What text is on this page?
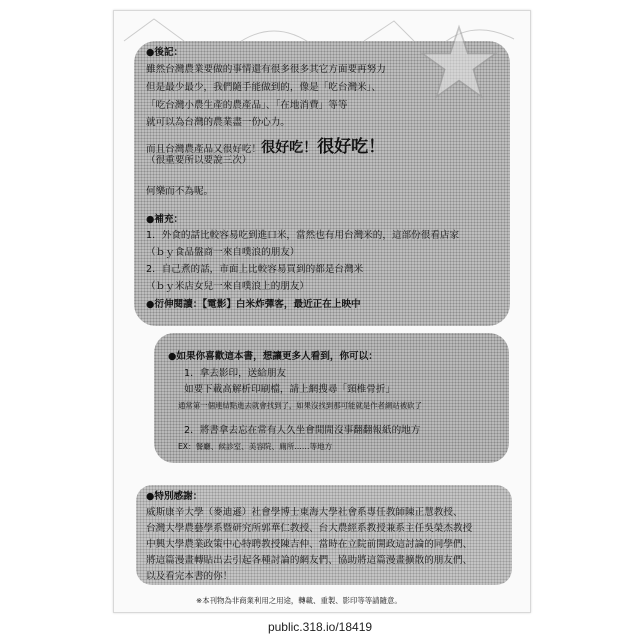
●後記：
雖然台灣農業要做的事情還有很多很多其它方面要再努力
但是最少最少，我們隨手能做到的，像是「吃台灣米」、
「吃台灣小農生產的農產品」、「在地消費」等等
就可以為台灣的農業盡一份心力。
而且台灣農產品又很好吃！很好吃！很好吃！
（很重要所以要說三次）
何樂而不為呢。
●補充：
1．外食的話比較容易吃到進口米，當然也有用台灣米的，這部份很看店家
（ｂｙ食品盤商一來自噗浪的朋友）
2．自己煮的話，市面上比較容易買到的都是台灣米
（ｂｙ米店女兒一來自噗浪上的朋友）
●衍伸閱讀：【電影】白米炸彈客，最近正在上映中
●如果你喜歡這本書，想讓更多人看到，你可以：
1．拿去影印，送給朋友
如要下載高解析印刷檔，請上網搜尋「頸椎骨折」
通常第一個連結點進去就會找到了，如果沒找到那可能就是作者網站被砍了
2．將書拿去忘在常有人久坐會閒閒沒事翻翻報紙的地方
EX：餐廳、候診室、美容院、廁所……等地方
●特別感謝：
威斯康辛大學（麥迪遜）社會學博士東海大學社會系專任教師陳正慧教授、
台灣大學農藝學系暨研究所郭華仁教授、台大農經系教授兼系主任吳榮杰教授
中興大學農業政策中心特聘教授陳吉仲、當時在立院前開政這討論的同學們、
將這篇漫畫轉貼出去引起各種討論的網友們、協助將這篇漫畫擴散的朋友們、
以及看完本書的你！
※本刊物為非商業利用之用途，轉載、重製、影印等等請隨意。
public.318.io/18419
